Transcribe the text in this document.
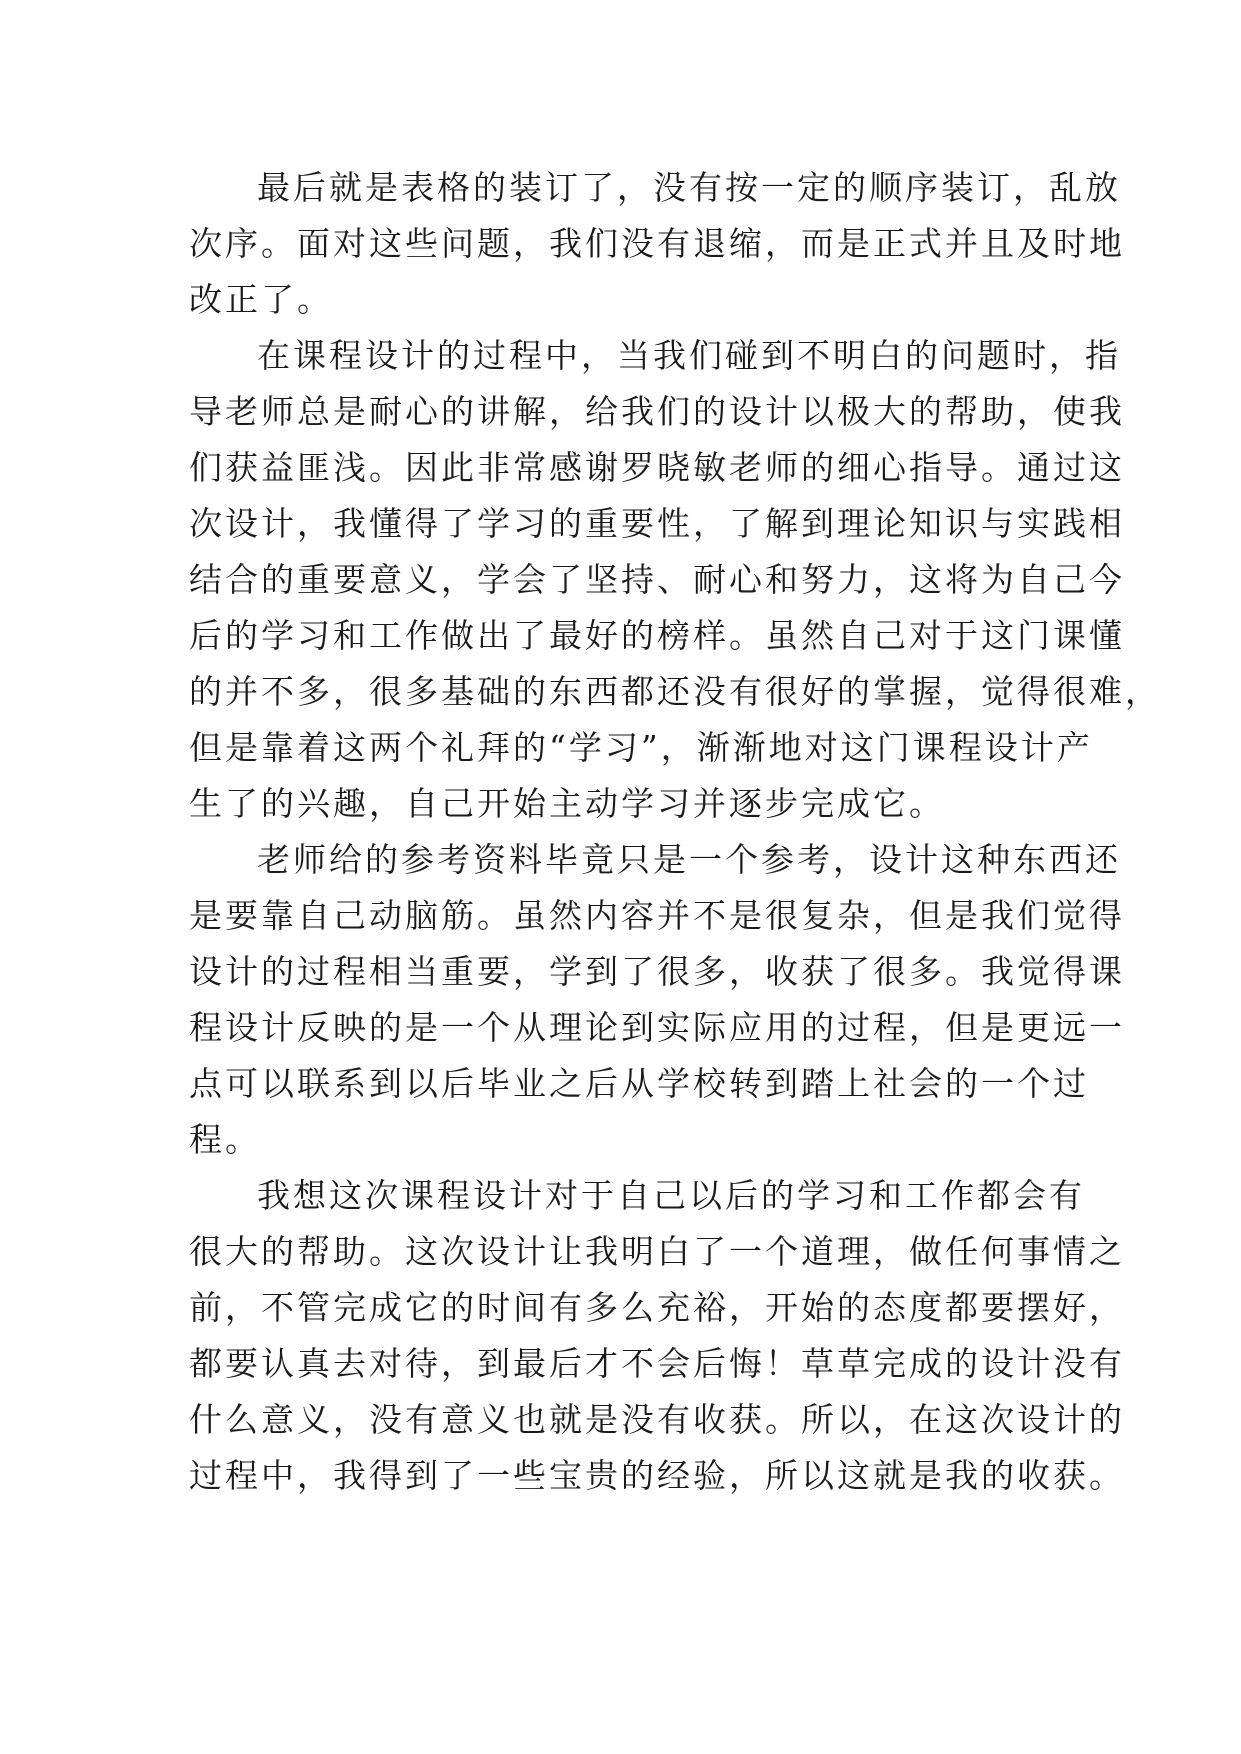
最后就是表格的装订了，没有按一定的顺序装订，乱放
次序。面对这些问题，我们没有退缩，而是正式并且及时地
改正了。

在课程设计的过程中，当我们碰到不明白的问题时，指
导老师总是耐心的讲解，给我们的设计以极大的帮助，使我
们获益匪浅。因此非常感谢罗晓敏老师的细心指导。通过这
次设计，我懂得了学习的重要性，了解到理论知识与实践相
结合的重要意义，学会了坚持、耐心和努力，这将为自己今
后的学习和工作做出了最好的榜样。虽然自己对于这门课懂
的并不多，很多基础的东西都还没有很好的掌握，觉得很难，
但是靠着这两个礼拜的“学习”，渐渐地对这门课程设计产
生了的兴趣，自己开始主动学习并逐步完成它。

老师给的参考资料毕竟只是一个参考，设计这种东西还
是要靠自己动脑筋。虽然内容并不是很复杂，但是我们觉得
设计的过程相当重要，学到了很多，收获了很多。我觉得课
程设计反映的是一个从理论到实际应用的过程，但是更远一
点可以联系到以后毕业之后从学校转到踏上社会的一个过
程。

我想这次课程设计对于自己以后的学习和工作都会有
很大的帮助。这次设计让我明白了一个道理，做任何事情之
前，不管完成它的时间有多么充裕，开始的态度都要摆好，
都要认真去对待，到最后才不会后悔！草草完成的设计没有
什么意义，没有意义也就是没有收获。所以，在这次设计的
过程中，我得到了一些宝贵的经验，所以这就是我的收获。
